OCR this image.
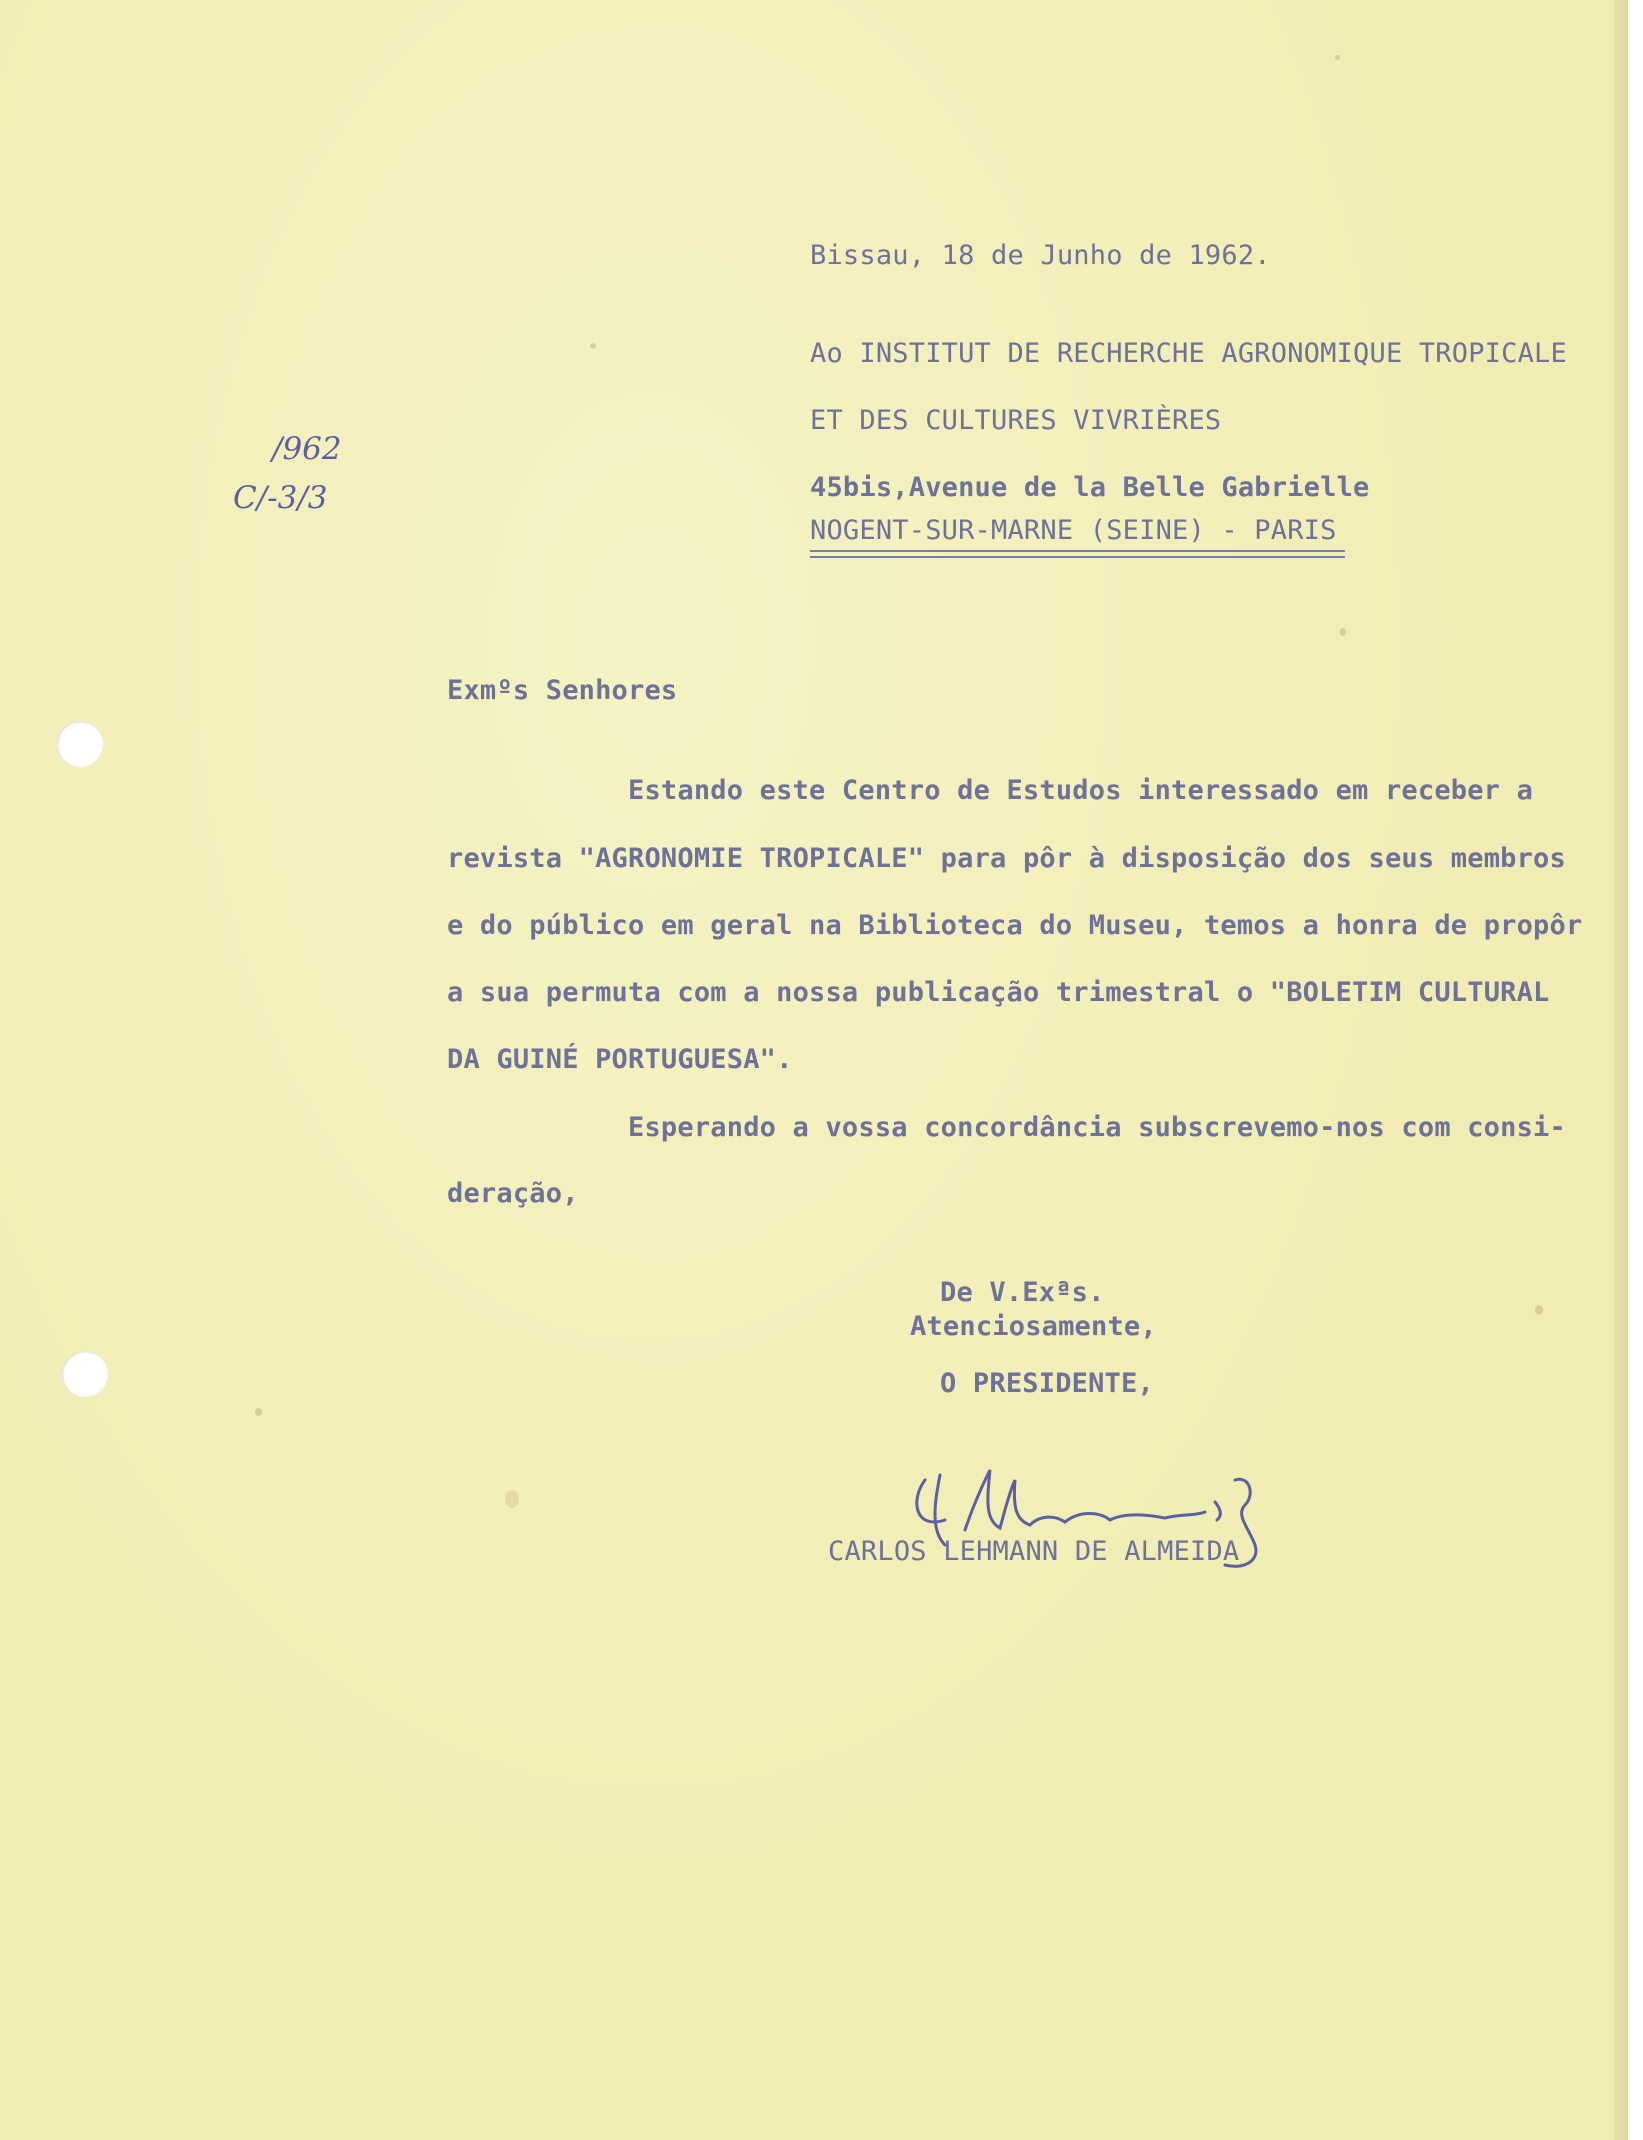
Bissau, 18 de Junho de 1962.
Ao INSTITUT DE RECHERCHE AGRONOMIQUE TROPICALE
ET DES CULTURES VIVRIÈRES
45bis,Avenue de la Belle Gabrielle
NOGENT-SUR-MARNE (SEINE) - PARIS
/962
C/-3/3
Exmºs Senhores
Estando este Centro de Estudos interessado em receber a
revista "AGRONOMIE TROPICALE" para pôr à disposição dos seus membros
e do público em geral na Biblioteca do Museu, temos a honra de propôr
a sua permuta com a nossa publicação trimestral o "BOLETIM CULTURAL
DA GUINÉ PORTUGUESA".
Esperando a vossa concordância subscrevemo-nos com consi-
deração,
De V.Exªs.
Atenciosamente,
O PRESIDENTE,
CARLOS LEHMANN DE ALMEIDA
